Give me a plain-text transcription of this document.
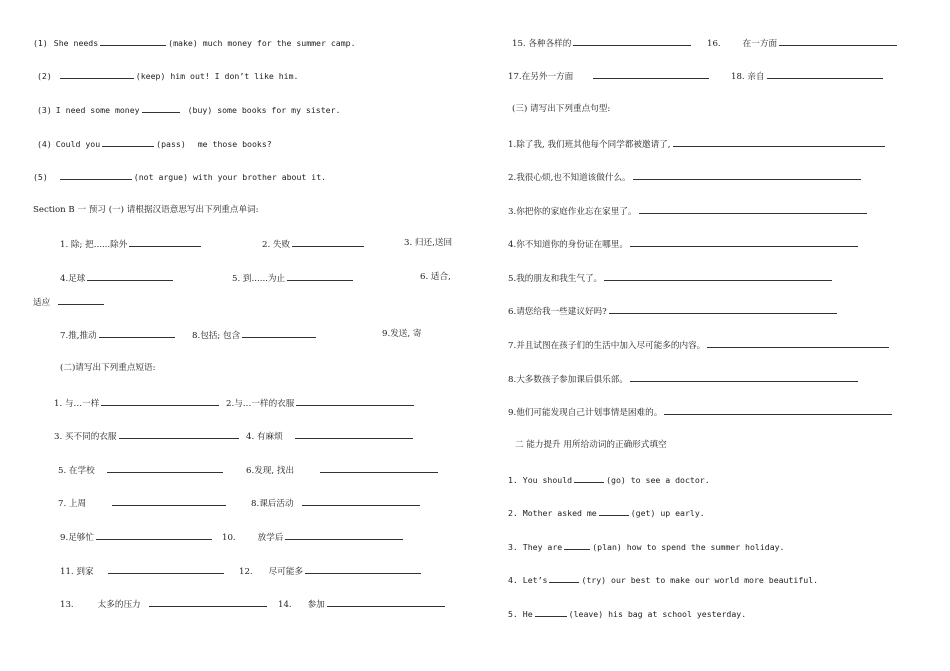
(1) She needs	(make) much money for the summer camp.
(2)	(keep) him out! I don’t like him.
(3) I need some money	(buy) some books for my sister.
(4) Could you	(pass) me those books?
(5)	(not argue) with your brother about it.
Section B 一 预习 (一) 请根据汉语意思写出下列重点单词:
1. 除; 把......除外	2. 失败	3. 归还,送回
4.足球	5. 到......为止	6. 适合,
适应
7.推,推动	8.包括; 包含	9.发送, 寄
(二)请写出下列重点短语:
1. 与…一样	2.与…一样的衣服
3. 买不同的衣服	4. 有麻烦
5. 在学校	6.发现, 找出
7. 上周	8.课后活动
9.足够忙	10.	放学后
11. 到家	12. 尽可能多
13.	太多的压力	14. 参加
15. 各种各样的	16.	在一方面
17.在另外一方面	18. 亲自
(三) 请写出下列重点句型:
1.除了我, 我们班其他每个同学都被邀请了,
2.我很心烦,也不知道该做什么。
3.你把你的家庭作业忘在家里了。
4.你不知道你的身份证在哪里。
5.我的朋友和我生气了。
6.请您给我一些建议好吗?
7.并且试图在孩子们的生活中加入尽可能多的内容。
8.大多数孩子参加课后俱乐部。
9.他们可能发现自己计划事情是困难的。
二 能力提升 用所给动词的正确形式填空
1. You should	(go) to see a doctor.
2. Mother asked me	(get) up early.
3. They are	(plan) how to spend the summer holiday.
4. Let’s	(try) our best to make our world more beautiful.
5. He	(leave) his bag at school yesterday.
